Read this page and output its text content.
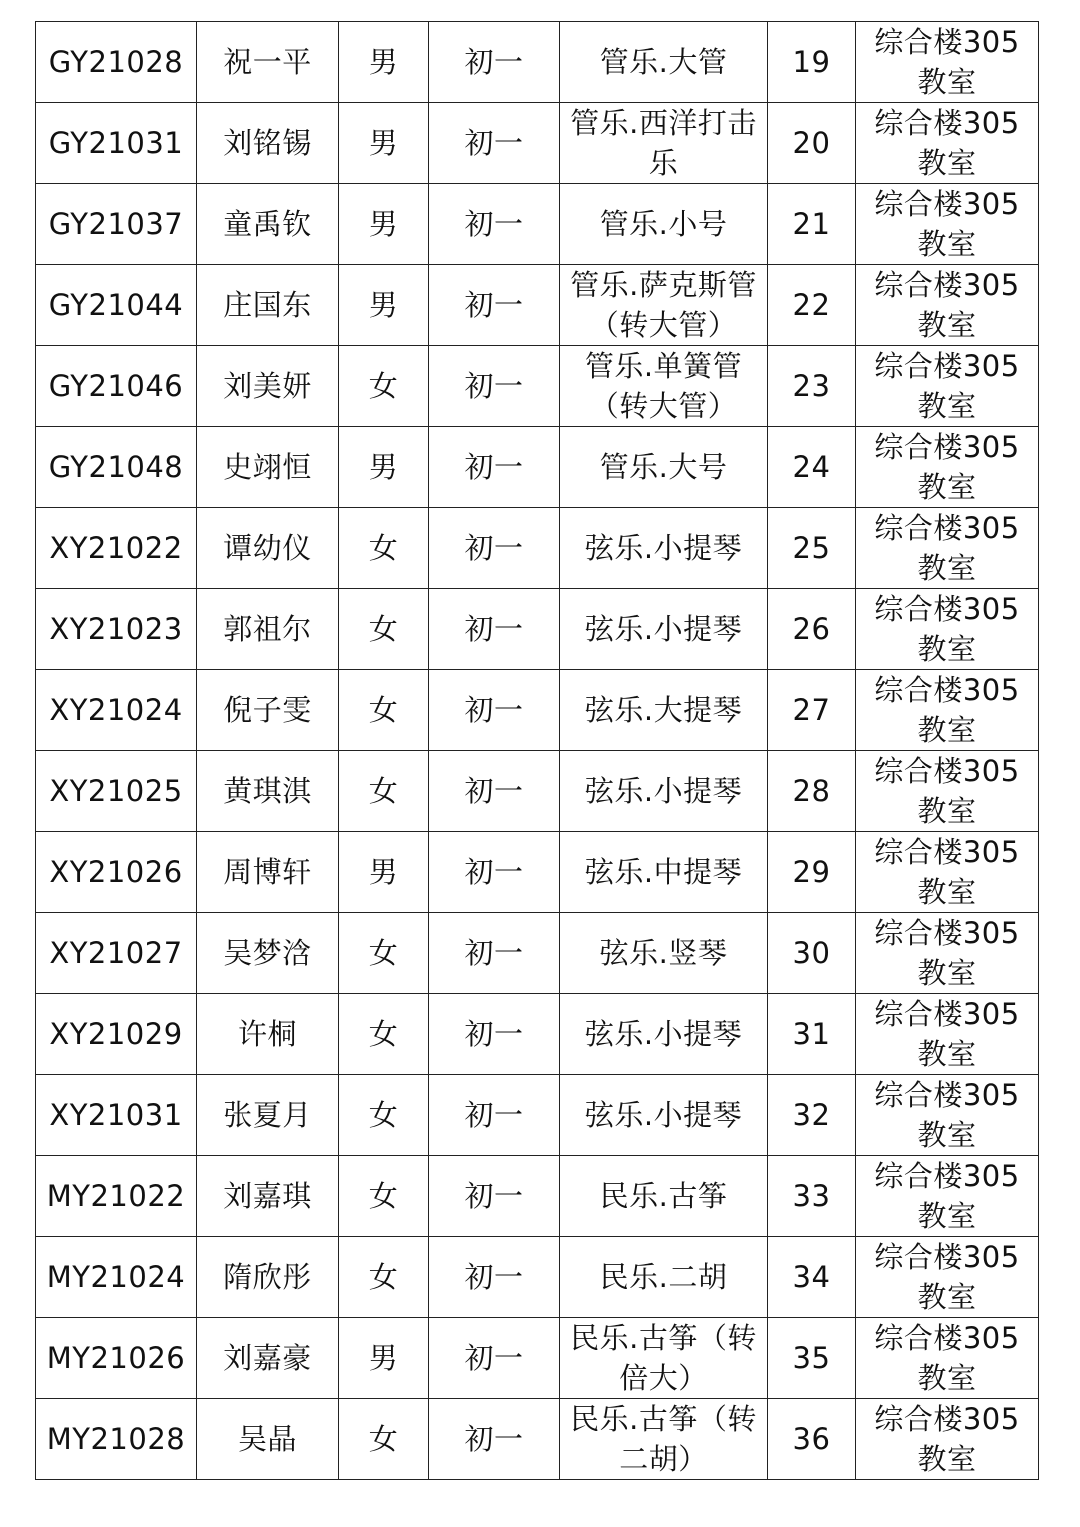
GY21028	祝一平	男	初一	管乐.大管	19	综合楼305教室
GY21031	刘铭锡	男	初一	管乐.西洋打击乐	20	综合楼305教室
GY21037	童禹钦	男	初一	管乐.小号	21	综合楼305教室
GY21044	庄国东	男	初一	管乐.萨克斯管（转大管）	22	综合楼305教室
GY21046	刘美妍	女	初一	管乐.单簧管（转大管）	23	综合楼305教室
GY21048	史翊恒	男	初一	管乐.大号	24	综合楼305教室
XY21022	谭幼仪	女	初一	弦乐.小提琴	25	综合楼305教室
XY21023	郭祖尔	女	初一	弦乐.小提琴	26	综合楼305教室
XY21024	倪子雯	女	初一	弦乐.大提琴	27	综合楼305教室
XY21025	黄琪淇	女	初一	弦乐.小提琴	28	综合楼305教室
XY21026	周博轩	男	初一	弦乐.中提琴	29	综合楼305教室
XY21027	吴梦浛	女	初一	弦乐.竖琴	30	综合楼305教室
XY21029	许桐	女	初一	弦乐.小提琴	31	综合楼305教室
XY21031	张夏月	女	初一	弦乐.小提琴	32	综合楼305教室
MY21022	刘嘉琪	女	初一	民乐.古筝	33	综合楼305教室
MY21024	隋欣彤	女	初一	民乐.二胡	34	综合楼305教室
MY21026	刘嘉豪	男	初一	民乐.古筝（转倍大）	35	综合楼305教室
MY21028	吴晶	女	初一	民乐.古筝（转二胡）	36	综合楼305教室
